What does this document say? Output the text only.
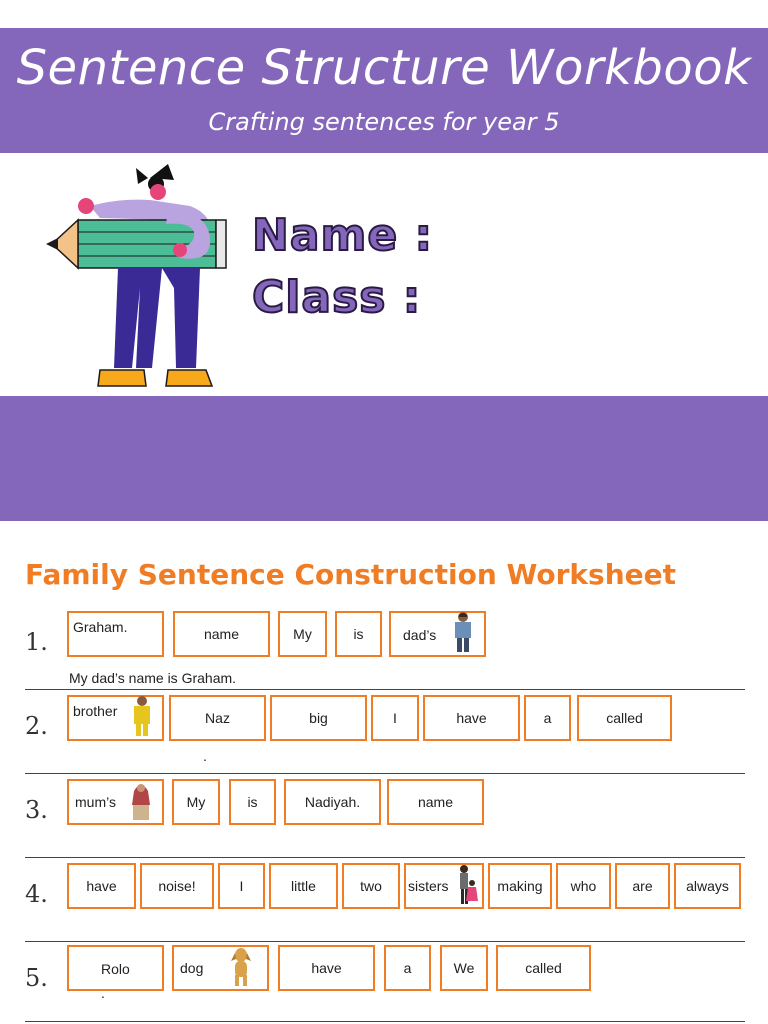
Sentence Structure Workbook
Crafting sentences for year 5
Name :
Class :
Family Sentence Construction Worksheet
1.
Graham.	name	My	is	dad’s
My dad’s name is Graham.
2.
brother	Naz	big	I	have	a	called
.
3. mum’s	My	is	Nadiyah.	name
4.	have	noise!	I	little	two	sisters	making	who	are	always
5.	Rolo	dog	have	a	We	called
.
